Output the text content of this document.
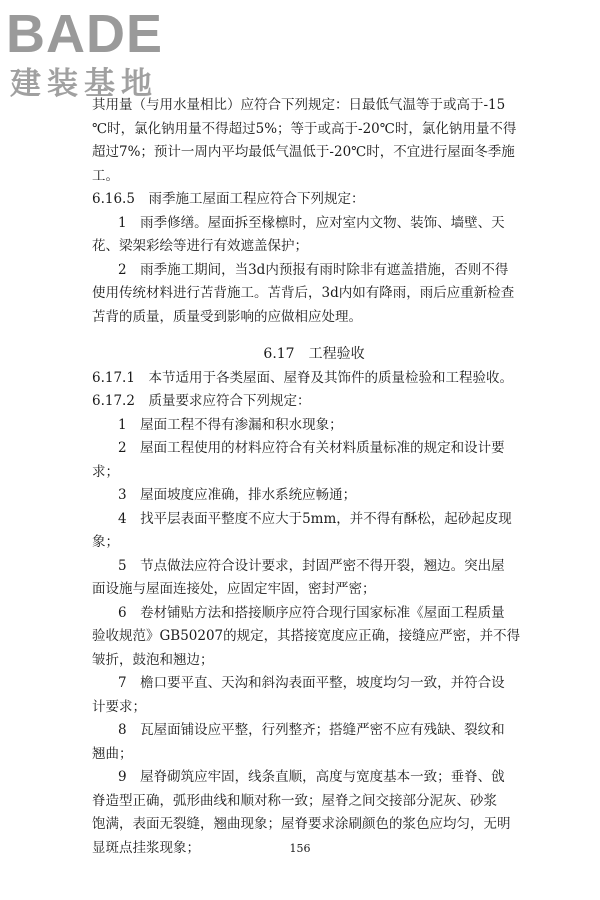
BADE
建装基地

其用量（与用水量相比）应符合下列规定：日最低气温等于或高于-15

℃时，氯化钠用量不得超过5%；等于或高于-20℃时，氯化钠用量不得

超过7%；预计一周内平均最低气温低于-20℃时，不宜进行屋面冬季施

工。

6.16.5　雨季施工屋面工程应符合下列规定：

1　雨季修缮。屋面拆至椽檩时，应对室内文物、装饰、墙壁、天

花、梁架彩绘等进行有效遮盖保护；

2　雨季施工期间，当3d内预报有雨时除非有遮盖措施，否则不得

使用传统材料进行苫背施工。苫背后，3d内如有降雨，雨后应重新检查

苫背的质量，质量受到影响的应做相应处理。

6.17　工程验收

6.17.1　本节适用于各类屋面、屋脊及其饰件的质量检验和工程验收。

6.17.2　质量要求应符合下列规定：

1　屋面工程不得有渗漏和积水现象；

2　屋面工程使用的材料应符合有关材料质量标准的规定和设计要

求；

3　屋面坡度应准确，排水系统应畅通；

4　找平层表面平整度不应大于5mm，并不得有酥松，起砂起皮现

象；

5　节点做法应符合设计要求，封固严密不得开裂，翘边。突出屋

面设施与屋面连接处，应固定牢固，密封严密；

6　卷材铺贴方法和搭接顺序应符合现行国家标准《屋面工程质量

验收规范》GB50207的规定，其搭接宽度应正确，接缝应严密，并不得

皱折，鼓泡和翘边；

7　檐口要平直、天沟和斜沟表面平整，坡度均匀一致，并符合设

计要求；

8　瓦屋面铺设应平整，行列整齐；搭缝严密不应有残缺、裂纹和

翘曲；

9　屋脊砌筑应牢固，线条直顺，高度与宽度基本一致；垂脊、戗

脊造型正确，弧形曲线和顺对称一致；屋脊之间交接部分泥灰、砂浆

饱满，表面无裂缝，翘曲现象；屋脊要求涂刷颜色的浆色应均匀，无明

显斑点挂浆现象；	156
